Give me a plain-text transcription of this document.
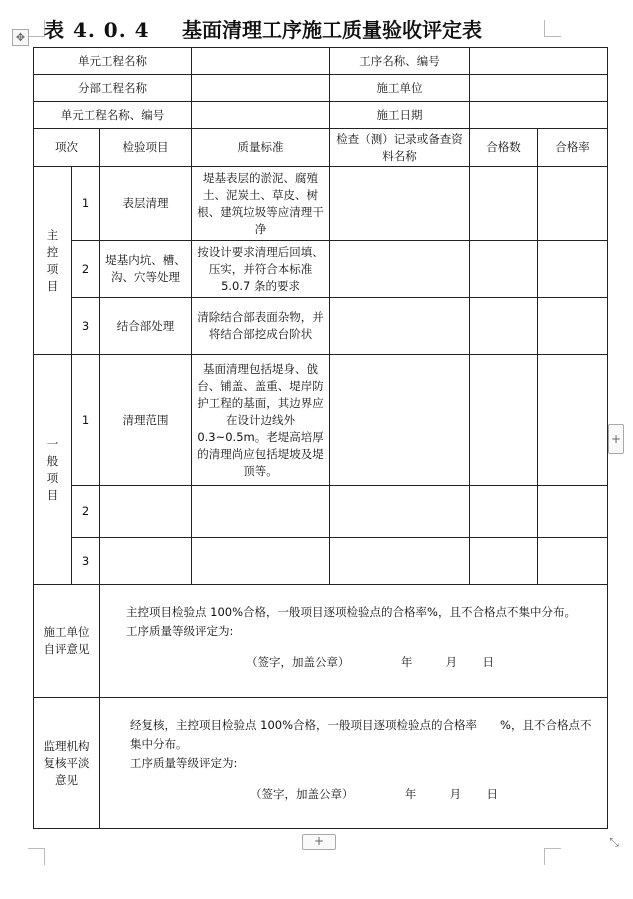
✥ 表 4. 0. 4 基面清理工序施工质量验收评定表
单元工程名称				工序名称、编号		
分部工程名称				施工单位		
单元工程名称、编号				施工日期		
项次		检验项目	质量标准	检查（测）记录或备查资料名称	合格数	合格率
主控项目	1	表层清理	堤基表层的淤泥、腐殖土、泥炭土、草皮、树根、建筑垃圾等应清理干净			
	2	堤基内坑、槽、沟、穴等处理	按设计要求清理后回填、压实，并符合本标准 5.0.7 条的要求			
	3	结合部处理	清除结合部表面杂物，并将结合部挖成台阶状			
一般项目	1	清理范围	基面清理包括堤身、戗台、铺盖、盖重、堤岸防护工程的基面，其边界应在设计边线外 0.3~0.5m。老堤高培厚的清理尚应包括堤坡及堤顶等。			
	2					
	3					
施工单位自评意见		主控项目检验点 100%合格，一般项目逐项检验点的合格率%，且不合格点不集中分布。

工序质量等级评定为:

（签字，加盖公章） 年 月 日				

监理机构复核平淡意见		经复核，主控项目检验点 100%合格，一般项目逐项检验点的合格率　　%，且不合格点不集中分布。

工序质量等级评定为:

（签字，加盖公章） 年 月 日				

+
+	⤡
